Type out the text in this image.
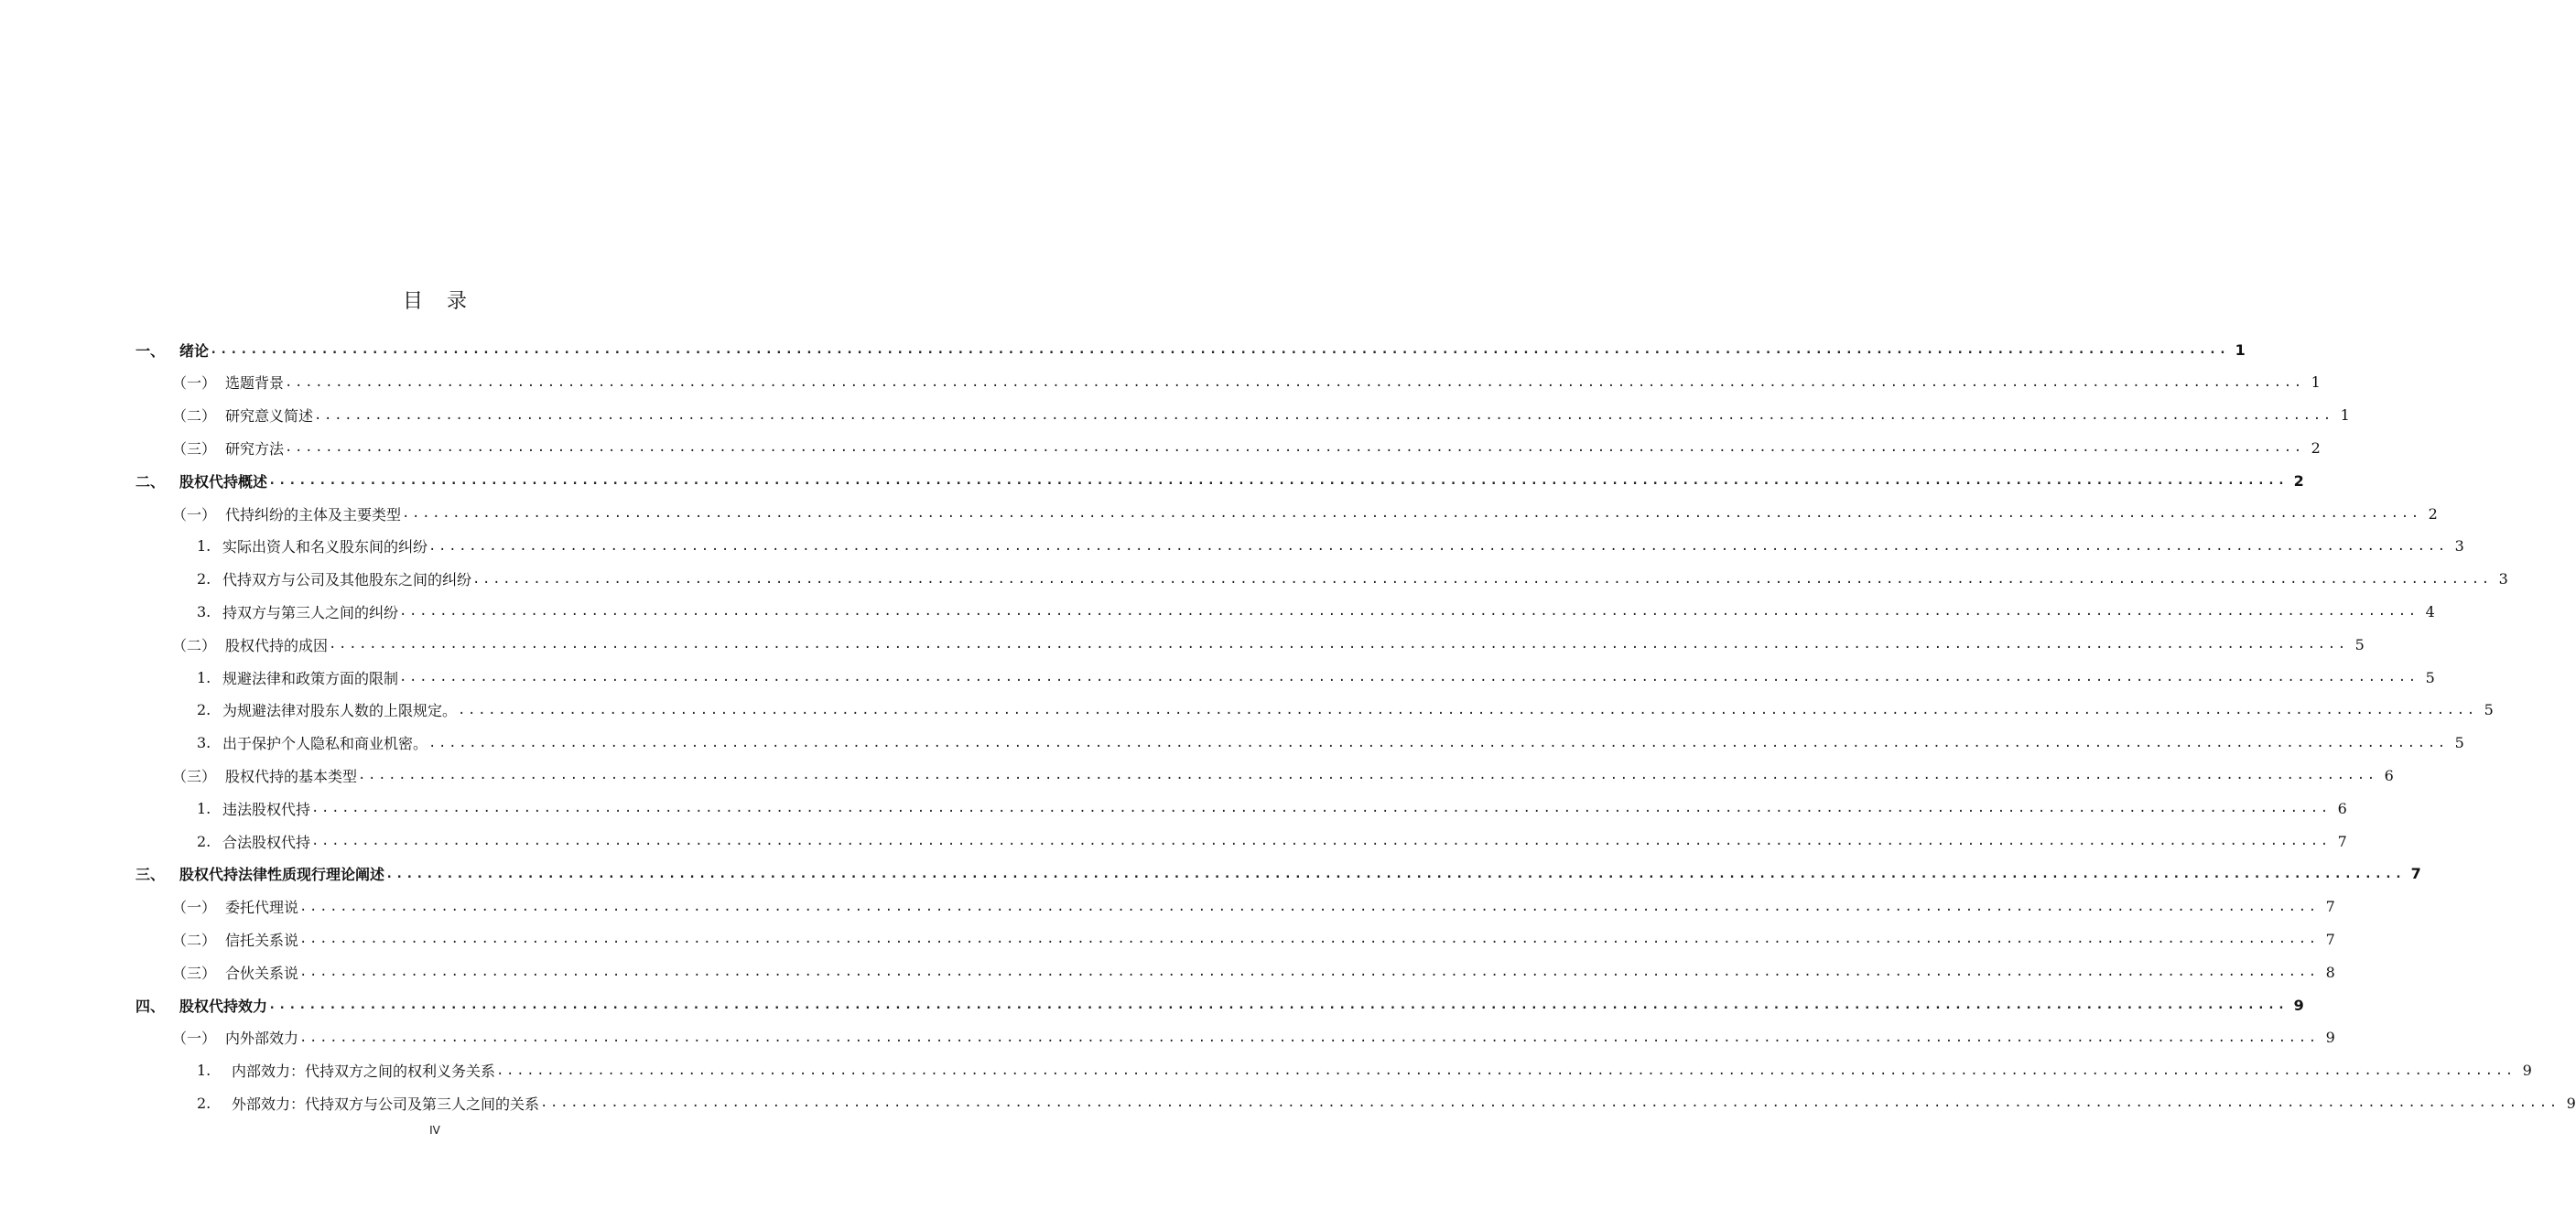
目 录
一、 绪论 ........................................................................................................................................................................................................ 1
（一） 选题背景 ........................................................................................................................................................................................................ 1
（二） 研究意义简述 ........................................................................................................................................................................................................ 1
（三） 研究方法 ........................................................................................................................................................................................................ 2
二、 股权代持概述 ........................................................................................................................................................................................................ 2
（一） 代持纠纷的主体及主要类型 ........................................................................................................................................................................................................ 2
1. 实际出资人和名义股东间的纠纷 ........................................................................................................................................................................................................ 3
2. 代持双方与公司及其他股东之间的纠纷 ........................................................................................................................................................................................................ 3
3. 持双方与第三人之间的纠纷 ........................................................................................................................................................................................................ 4
（二） 股权代持的成因 ........................................................................................................................................................................................................ 5
1. 规避法律和政策方面的限制 ........................................................................................................................................................................................................ 5
2. 为规避法律对股东人数的上限规定。 ........................................................................................................................................................................................................ 5
3. 出于保护个人隐私和商业机密。 ........................................................................................................................................................................................................ 5
（三） 股权代持的基本类型 ........................................................................................................................................................................................................ 6
1. 违法股权代持 ........................................................................................................................................................................................................ 6
2. 合法股权代持 ........................................................................................................................................................................................................ 7
三、 股权代持法律性质现行理论阐述 ........................................................................................................................................................................................................ 7
（一） 委托代理说 ........................................................................................................................................................................................................ 7
（二） 信托关系说 ........................................................................................................................................................................................................ 7
（三） 合伙关系说 ........................................................................................................................................................................................................ 8
四、 股权代持效力 ........................................................................................................................................................................................................ 9
（一） 内外部效力 ........................................................................................................................................................................................................ 9
1.	内部效力：代持双方之间的权利义务关系 ........................................................................................................................................................................................................ 9
2.	外部效力：代持双方与公司及第三人之间的关系 ........................................................................................................................................................................................................ 9
IV
